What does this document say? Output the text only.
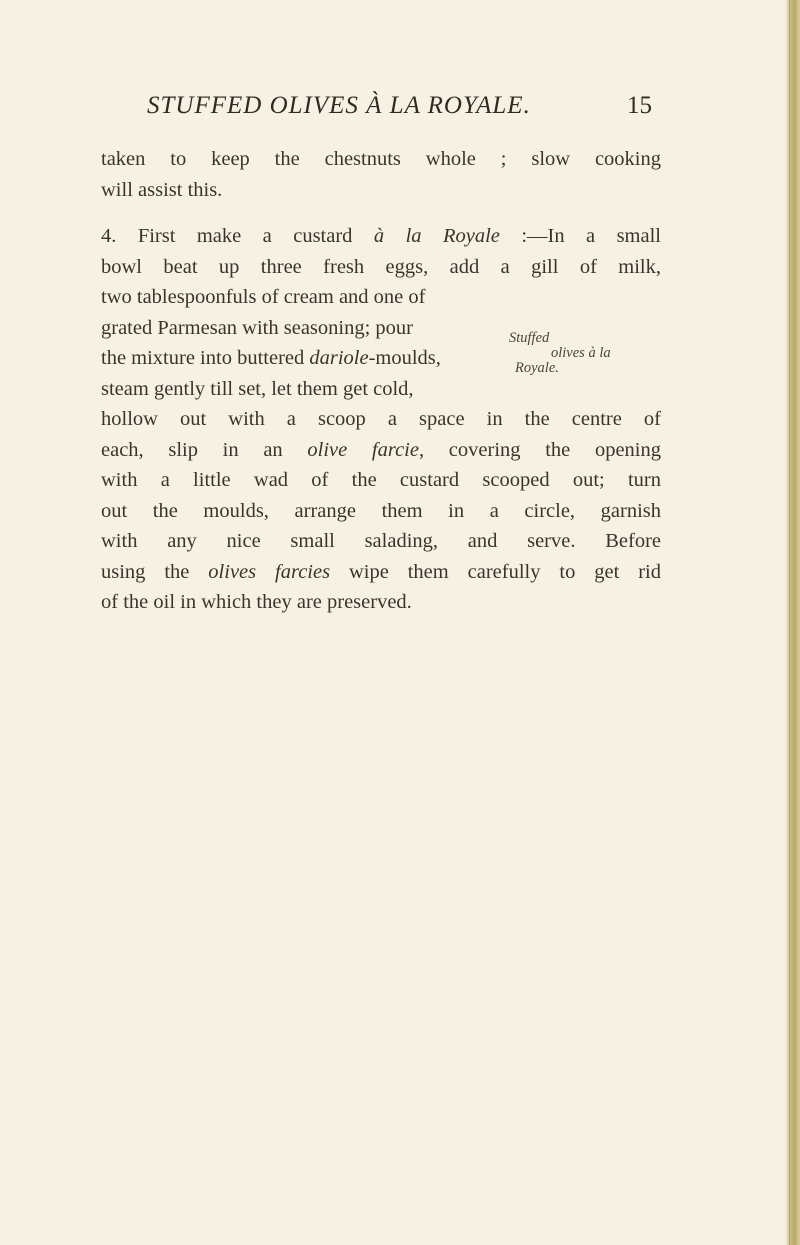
STUFFED OLIVES À LA ROYALE.	15
taken to keep the chestnuts whole ; slow cooking
will assist this.
4. First make a custard à la Royale :—In a small
bowl beat up three fresh eggs, add a gill of milk,
two tablespoonfuls of cream and one of
grated Parmesan with seasoning; pour
the mixture into buttered dariole-moulds,
steam gently till set, let them get cold,
hollow out with a scoop a space in the centre of
each, slip in an olive farcie, covering the opening
with a little wad of the custard scooped out; turn
out the moulds, arrange them in a circle, garnish
with any nice small salading, and serve. Before
using the olives farcies wipe them carefully to get rid
of the oil in which they are preserved.
Stuffed
olives à la
Royale.
